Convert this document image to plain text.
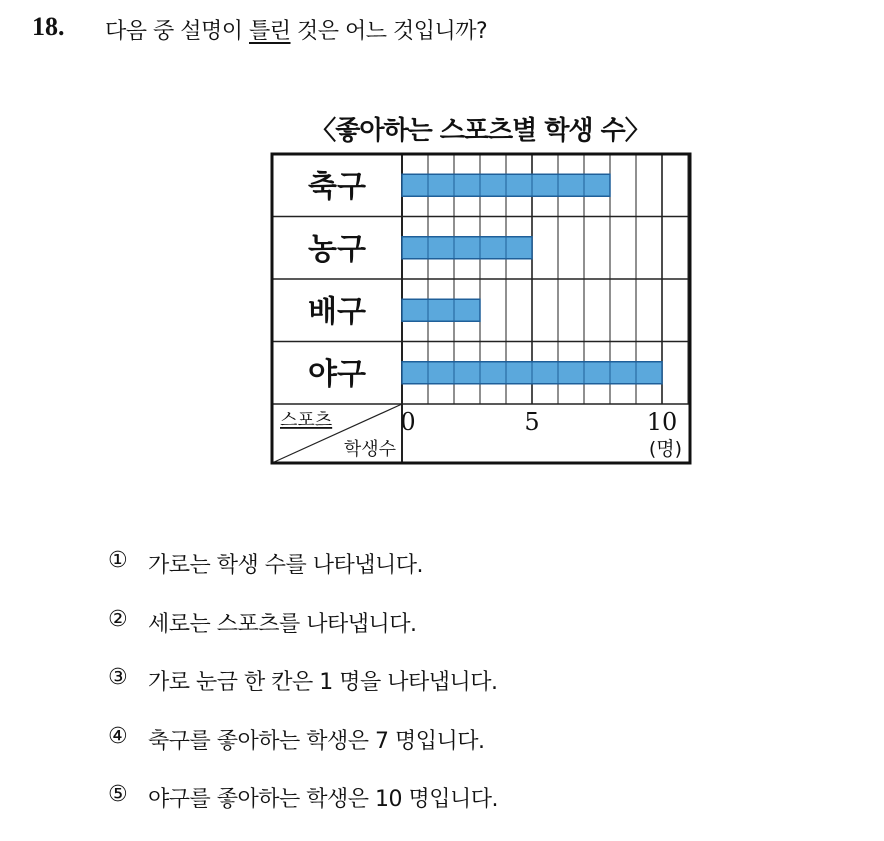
18. 다음 중 설명이 틀린 것은 어느 것입니까?
〈좋아하는 스포츠별 학생 수〉
축구
농구
배구
야구
스포츠
학생수
0	5	10
(명)
① 가로는 학생 수를 나타냅니다.
② 세로는 스포츠를 나타냅니다.
③ 가로 눈금 한 칸은 1 명을 나타냅니다.
④ 축구를 좋아하는 학생은 7 명입니다.
⑤ 야구를 좋아하는 학생은 10 명입니다.
